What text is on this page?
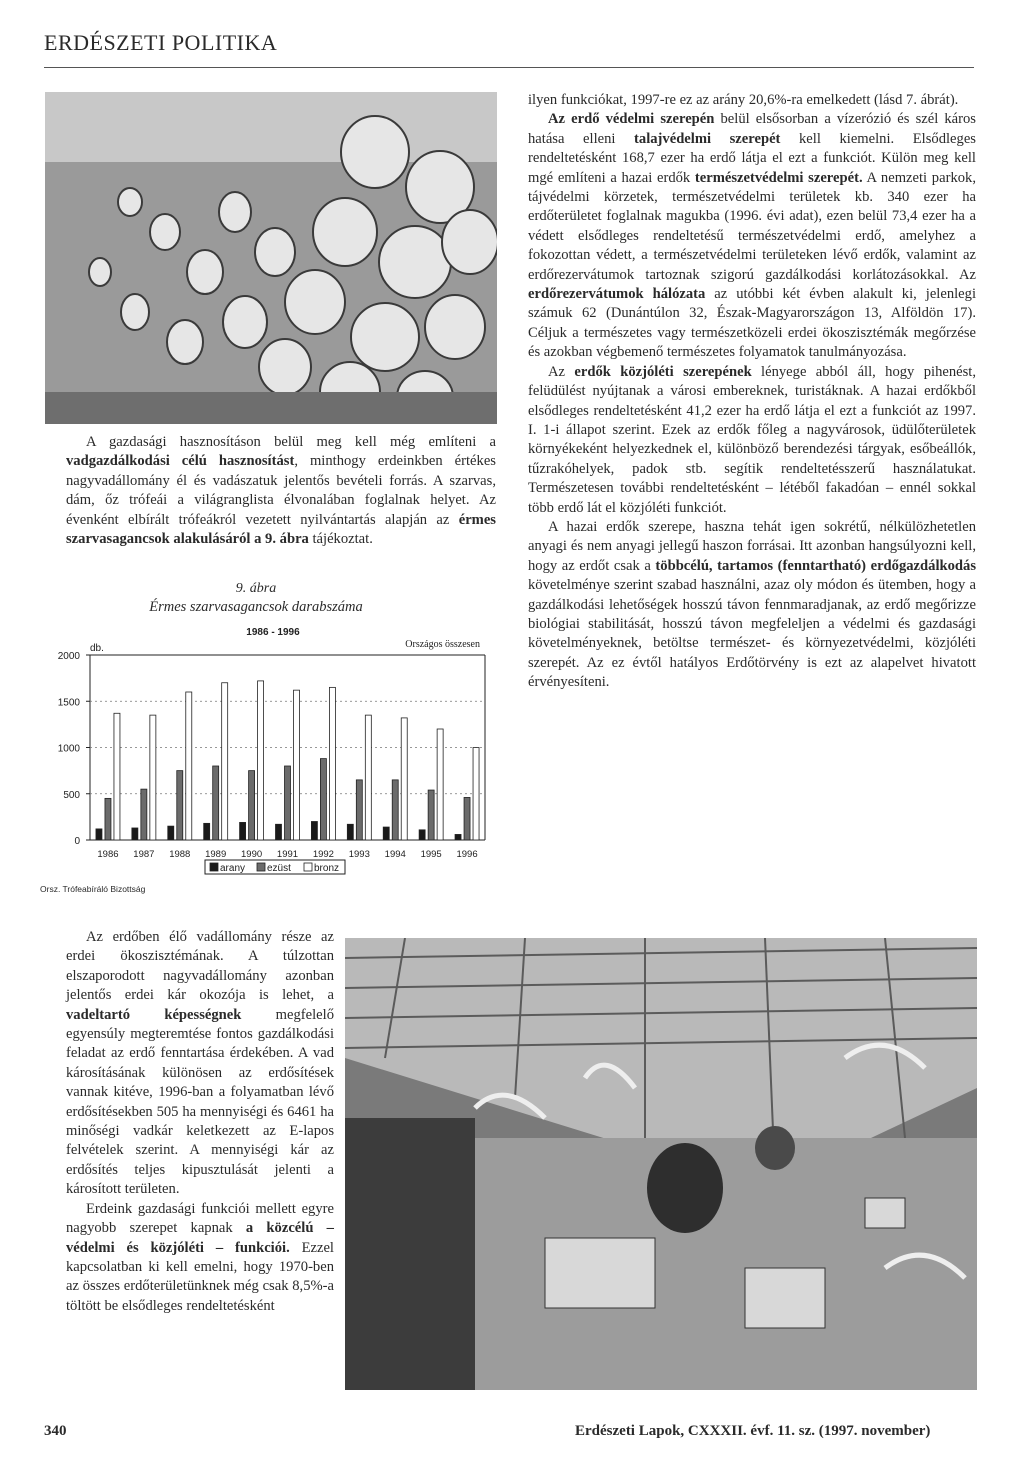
ERDÉSZETI POLITIKA

A gazdasági hasznosításon belül meg kell még említeni a vadgazdálkodási célú hasznosítást, minthogy erdeinkben értékes nagyvadállomány él és vadászatuk jelentős bevételi forrás. A szarvas, dám, őz trófeái a világranglista élvonalában foglalnak helyet. Az évenként elbírált trófeákról vezetett nyilvántartás alapján az érmes szarvasagancsok alakulásáról a 9. ábra tájékoztat.

9. ábra
Érmes szarvasagancsok darabszáma
1986 - 1996
db.	Országos összesen
2000
1500
1000
500
0
1986 1987 1988 1989 1990 1991 1992 1993 1994 1995 1996
arany ezüst bronz
Orsz. Trófeabíráló Bizottság

ilyen funkciókat, 1997-re ez az arány 20,6%-ra emelkedett (lásd 7. ábrát).

Az erdő védelmi szerepén belül elsősorban a vízerózió és szél káros hatása elleni talajvédelmi szerepét kell kiemelni. Elsődleges rendeltetésként 168,7 ezer ha erdő látja el ezt a funkciót. Külön meg kell mgé említeni a hazai erdők természetvédelmi szerepét. A nemzeti parkok, tájvédelmi körzetek, természetvédelmi területek kb. 340 ezer ha erdőterületet foglalnak magukba (1996. évi adat), ezen belül 73,4 ezer ha a védett elsődleges rendeltetésű természetvédelmi erdő, amelyhez a fokozottan védett, a természetvédelmi területeken lévő erdők, valamint az erdőrezervátumok tartoznak szigorú gazdálkodási korlátozásokkal. Az erdőrezervátumok hálózata az utóbbi két évben alakult ki, jelenlegi számuk 62 (Dunántúlon 32, Észak-Magyarországon 13, Alföldön 17). Céljuk a természetes vagy természetközeli erdei ökoszisztémák megőrzése és azokban végbemenő természetes folyamatok tanulmányozása.

Az erdők közjóléti szerepének lényege abból áll, hogy pihenést, felüdülést nyújtanak a városi embereknek, turistáknak. A hazai erdőkből elsődleges rendeltetésként 41,2 ezer ha erdő látja el ezt a funkciót az 1997. I. 1-i állapot szerint. Ezek az erdők főleg a nagyvárosok, üdülőterületek környékeként helyezkednek el, különböző berendezési tárgyak, esőbeállók, tűzrakóhelyek, padok stb. segítik rendeltetésszerű használatukat. Természetesen további rendeltetésként – létéből fakadóan – ennél sokkal több erdő lát el közjóléti funkciót.

A hazai erdők szerepe, haszna tehát igen sokrétű, nélkülözhetetlen anyagi és nem anyagi jellegű haszon forrásai. Itt azonban hangsúlyozni kell, hogy az erdőt csak a többcélú, tartamos (fenntartható) erdőgazdálkodás követelménye szerint szabad használni, azaz oly módon és ütemben, hogy a gazdálkodási lehetőségek hosszú távon fennmaradjanak, az erdő megőrizze biológiai stabilitását, hosszú távon megfeleljen a védelmi és gazdasági követelményeknek, betöltse természet- és környezetvédelmi, közjóléti szerepét. Az ez évtől hatályos Erdőtörvény is ezt az alapelvet hivatott érvényesíteni.

Az erdőben élő vadállomány része az erdei ökoszisztémának. A túlzottan elszaporodott nagyvadállomány azonban jelentős erdei kár okozója is lehet, a vadeltartó képességnek megfelelő egyensúly megteremtése fontos gazdálkodási feladat az erdő fenntartása érdekében. A vad károsításának különösen az erdősítések vannak kitéve, 1996-ban a folyamatban lévő erdősítésekben 505 ha mennyiségi és 6461 ha minőségi vadkár keletkezett az E-lapos felvételek szerint. A mennyiségi kár az erdősítés teljes kipusztulását jelenti a károsított területen.

Erdeink gazdasági funkciói mellett egyre nagyobb szerepet kapnak a közcélú – védelmi és közjóléti – funkciói. Ezzel kapcsolatban ki kell emelni, hogy 1970-ben az összes erdőterületünknek még csak 8,5%-a töltött be elsődleges rendeltetésként

340	Erdészeti Lapok, CXXXII. évf. 11. sz. (1997. november)
